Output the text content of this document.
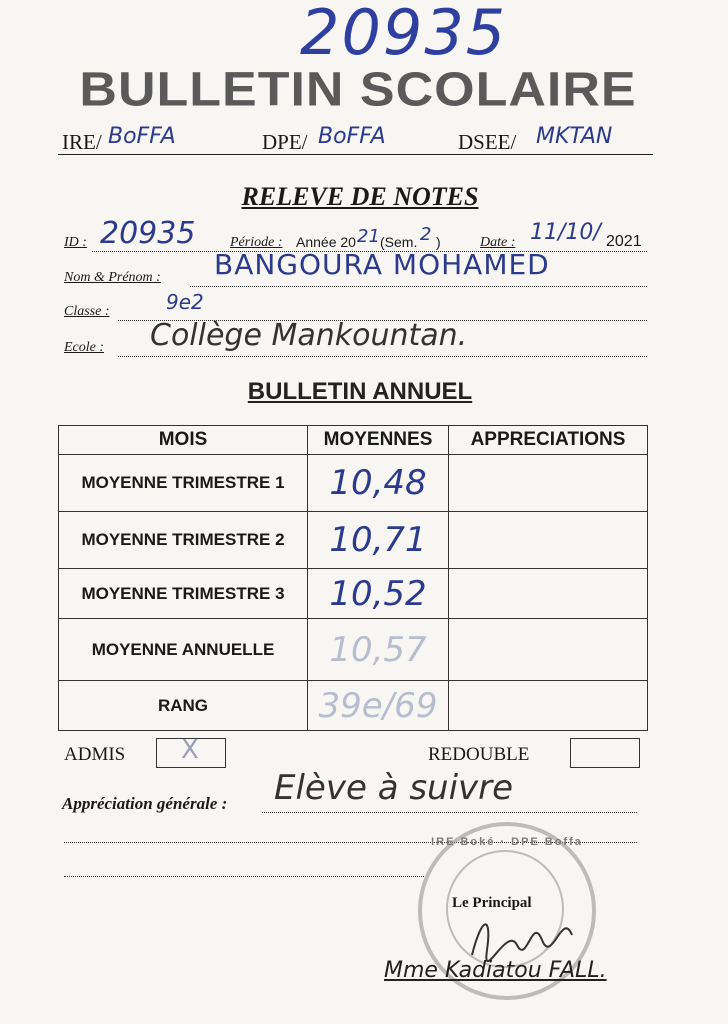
20935
BULLETIN SCOLAIRE
IRE/ BoFFA	DPE/ BoFFA	DSEE/ MKTAN
RELEVE DE NOTES
ID : 20935 Période : Année 20 21 (Sem. 2 )	Date : 11/10/ 2021
Nom & Prénom : BANGOURA MOHAMED
Classe :	9e2
Ecole : Collège Mankountan.
BULLETIN ANNUEL
MOIS	MOYENNES	APPRECIATIONS
MOYENNE TRIMESTRE 1	10,48	
MOYENNE TRIMESTRE 2	10,71	
MOYENNE TRIMESTRE 3	10,52	
MOYENNE ANNUELLE	10,57	
RANG	39e/69	
ADMIS X	REDOUBLE
Appréciation générale : Elève à suivre
IRE Boké · DPE Boffa
Le Principal
Mme Kadiatou FALL.
